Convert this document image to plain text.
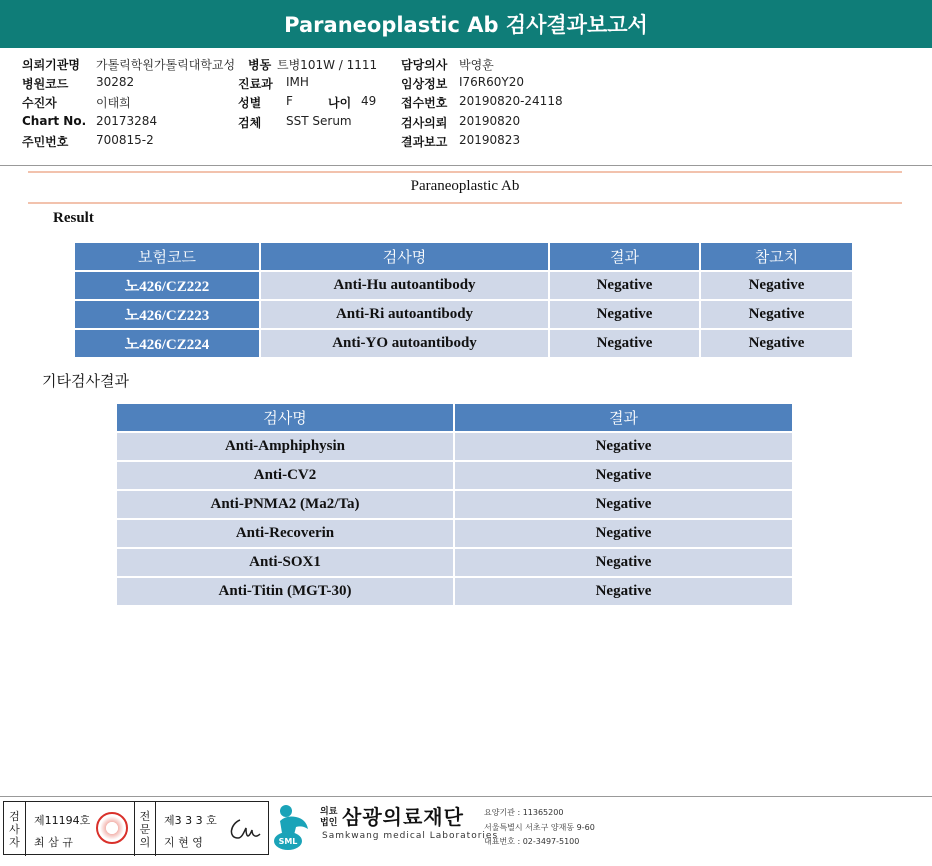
Paraneoplastic Ab 검사결과보고서
의뢰기관명 가톨릭학원가톨릭대학교성
병원코드 30282
수진자	이태희
Chart No. 20173284
주민번호 700815-2
병동 트병101W / 1111
진료과 IMH
성별 F	나이 49
검체 SST Serum
담당의사 박영훈
임상정보 I76R60Y20
접수번호 20190820-24118
검사의뢰 20190820
결과보고 20190823
Paraneoplastic Ab
Result
보험코드	검사명	결과	참고치
노426/CZ222	Anti-Hu autoantibody	Negative	Negative
노426/CZ223	Anti-Ri autoantibody	Negative	Negative
노426/CZ224	Anti-YO autoantibody	Negative	Negative
기타검사결과
검사명	결과
Anti-Amphiphysin	Negative
Anti-CV2	Negative
Anti-PNMA2 (Ma2/Ta)	Negative
Anti-Recoverin	Negative
Anti-SOX1	Negative
Anti-Titin (MGT-30)	Negative
검
사
자
제11194호
최 삼 규
전
문
의
제3 3 3 호
지 현 영	SML
의료
법인 삼광의료재단
Samkwang medical Laboratories
요양기관 : 11365200
서울특별시 서초구 양재동 9-60
대표번호 : 02-3497-5100
